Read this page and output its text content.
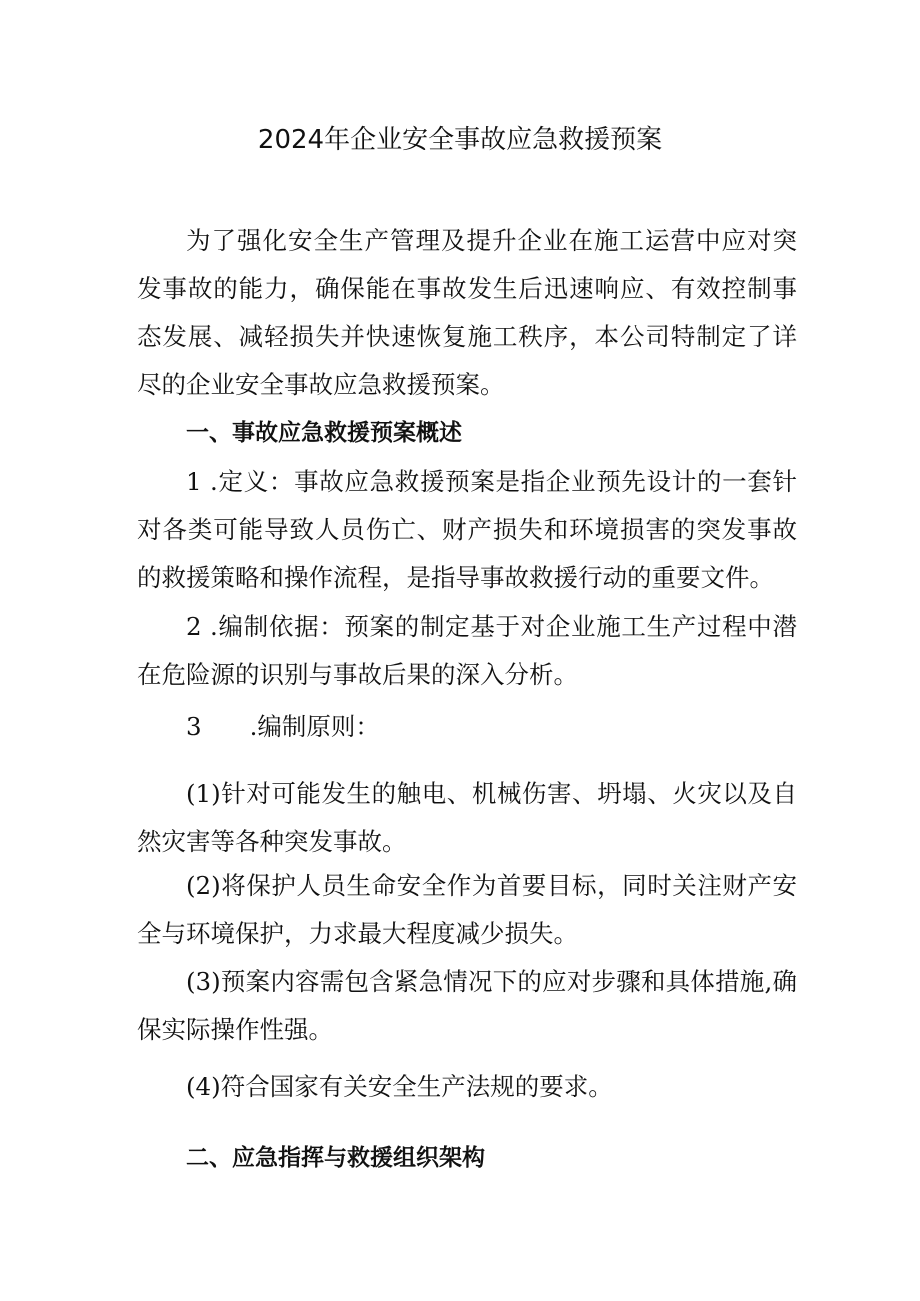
2024年企业安全事故应急救援预案

为了强化安全生产管理及提升企业在施工运营中应对突发事故的能力，确保能在事故发生后迅速响应、有效控制事态发展、减轻损失并快速恢复施工秩序，本公司特制定了详尽的企业安全事故应急救援预案。

一、事故应急救援预案概述

1 .定义：事故应急救援预案是指企业预先设计的一套针对各类可能导致人员伤亡、财产损失和环境损害的突发事故的救援策略和操作流程，是指导事故救援行动的重要文件。

2 .编制依据：预案的制定基于对企业施工生产过程中潜在危险源的识别与事故后果的深入分析。

3 .编制原则：

(1)针对可能发生的触电、机械伤害、坍塌、火灾以及自然灾害等各种突发事故。

(2)将保护人员生命安全作为首要目标，同时关注财产安全与环境保护，力求最大程度减少损失。

(3)预案内容需包含紧急情况下的应对步骤和具体措施,确保实际操作性强。

(4)符合国家有关安全生产法规的要求。

二、应急指挥与救援组织架构
